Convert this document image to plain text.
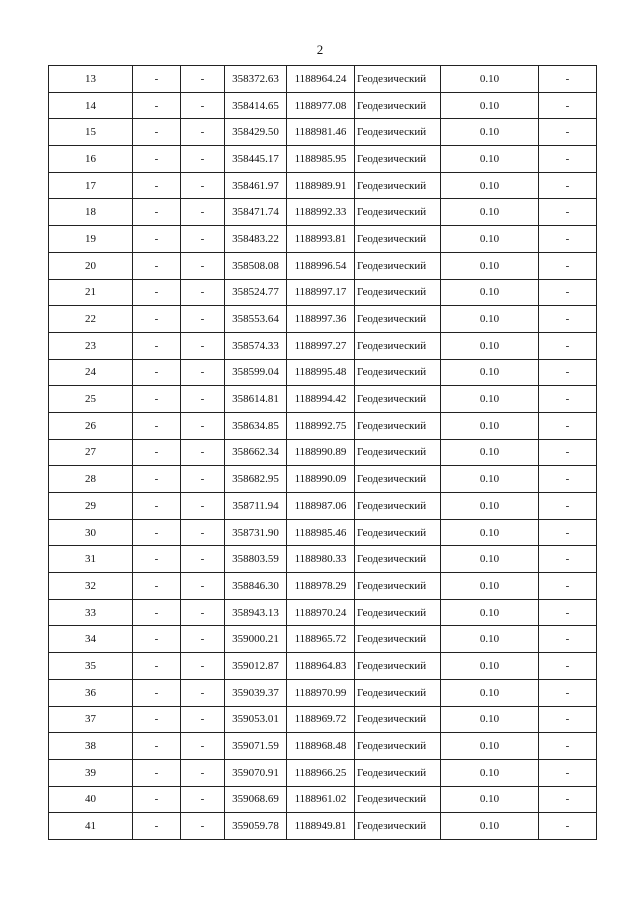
2
13	-	-	358372.63	1188964.24	Геодезический	0.10	-
14	-	-	358414.65	1188977.08	Геодезический	0.10	-
15	-	-	358429.50	1188981.46	Геодезический	0.10	-
16	-	-	358445.17	1188985.95	Геодезический	0.10	-
17	-	-	358461.97	1188989.91	Геодезический	0.10	-
18	-	-	358471.74	1188992.33	Геодезический	0.10	-
19	-	-	358483.22	1188993.81	Геодезический	0.10	-
20	-	-	358508.08	1188996.54	Геодезический	0.10	-
21	-	-	358524.77	1188997.17	Геодезический	0.10	-
22	-	-	358553.64	1188997.36	Геодезический	0.10	-
23	-	-	358574.33	1188997.27	Геодезический	0.10	-
24	-	-	358599.04	1188995.48	Геодезический	0.10	-
25	-	-	358614.81	1188994.42	Геодезический	0.10	-
26	-	-	358634.85	1188992.75	Геодезический	0.10	-
27	-	-	358662.34	1188990.89	Геодезический	0.10	-
28	-	-	358682.95	1188990.09	Геодезический	0.10	-
29	-	-	358711.94	1188987.06	Геодезический	0.10	-
30	-	-	358731.90	1188985.46	Геодезический	0.10	-
31	-	-	358803.59	1188980.33	Геодезический	0.10	-
32	-	-	358846.30	1188978.29	Геодезический	0.10	-
33	-	-	358943.13	1188970.24	Геодезический	0.10	-
34	-	-	359000.21	1188965.72	Геодезический	0.10	-
35	-	-	359012.87	1188964.83	Геодезический	0.10	-
36	-	-	359039.37	1188970.99	Геодезический	0.10	-
37	-	-	359053.01	1188969.72	Геодезический	0.10	-
38	-	-	359071.59	1188968.48	Геодезический	0.10	-
39	-	-	359070.91	1188966.25	Геодезический	0.10	-
40	-	-	359068.69	1188961.02	Геодезический	0.10	-
41	-	-	359059.78	1188949.81	Геодезический	0.10	-
